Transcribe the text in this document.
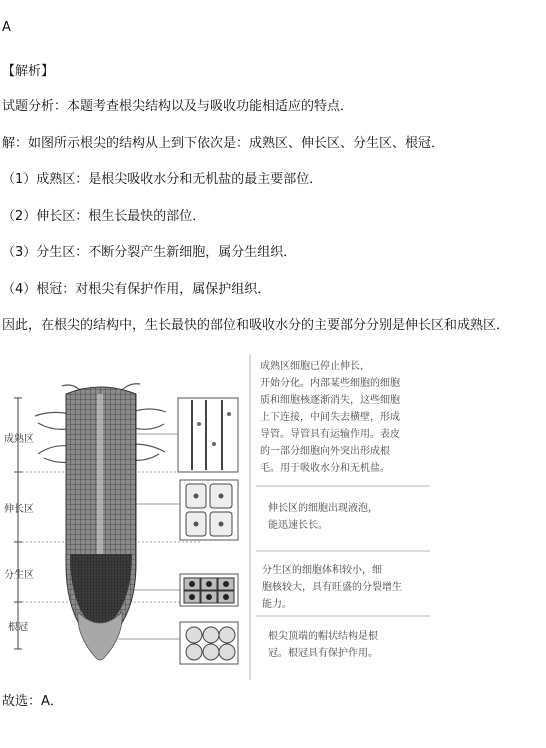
A
【解析】
试题分析：本题考查根尖结构以及与吸收功能相适应的特点．
解：如图所示根尖的结构从上到下依次是：成熟区、伸长区、分生区、根冠．
（1）成熟区：是根尖吸收水分和无机盐的最主要部位．
（2）伸长区：根生长最快的部位．
（3）分生区：不断分裂产生新细胞，属分生组织．
（4）根冠：对根尖有保护作用，属保护组织．
因此，在根尖的结构中，生长最快的部位和吸收水分的主要部分分别是伸长区和成熟区．
成熟区
伸长区
分生区
根冠
成熟区细胞已停止伸长，
开始分化。内部某些细胞的细胞
质和细胞核逐渐消失，这些细胞
上下连接，中间失去横壁，形成
导管。导管具有运输作用。表皮
的一部分细胞向外突出形成根
毛。用于吸收水分和无机盐。
伸长区的细胞出现液泡，
能迅速长长。
分生区的细胞体积较小，细
胞核较大，具有旺盛的分裂增生
能力。
根尖顶端的帽状结构是根
冠。根冠具有保护作用。
故选：A．
